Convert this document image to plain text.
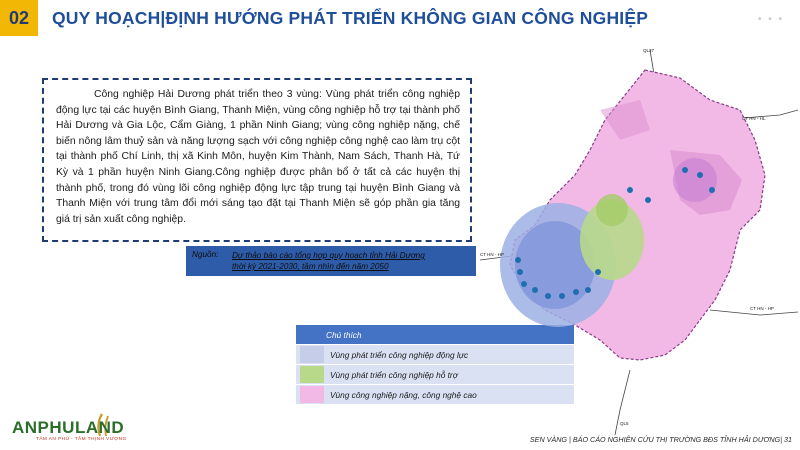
02	QUY HOẠCH|ĐỊNH HƯỚNG PHÁT TRIỂN KHÔNG GIAN CÔNG NGHIỆP	• • •

Công nghiệp Hải Dương phát triển theo 3 vùng: Vùng phát triển công nghiệp động lực tại các huyện Bình Giang, Thanh Miện, vùng công nghiệp hỗ trợ tại thành phố Hải Dương và Gia Lộc, Cẩm Giàng, 1 phần Ninh Giang; vùng công nghiệp nặng, chế biến nông lâm thuỷ sản và năng lượng sạch với công nghiệp công nghệ cao làm trụ cột tại thành phố Chí Linh, thị xã Kinh Môn, huyện Kim Thành, Nam Sách, Thanh Hà, Tứ Kỳ và 1 phần huyện Ninh Giang.Công nghiệp được phân bổ ở tất cả các huyện thị thành phố, trong đó vùng lõi công nghiệp động lực tập trung tại huyện Bình Giang và Thanh Miện với trung tâm đổi mới sáng tạo đặt tại Thanh Miện sẽ góp phần gia tăng giá trị sản xuất công nghiệp.

Nguồn:	Dự thảo báo cáo tổng hợp quy hoạch tỉnh Hải Dương
thời kỳ 2021-2030, tầm nhìn đến năm 2050
Chú thích
Vùng phát triển công nghiệp động lực
Vùng phát triển công nghiệp hỗ trợ
Vùng công nghiệp nặng, công nghệ cao
QL37
CT HN - HL
CT HN - HP
CT HN - HP
QL5
ANPHULAND
TÂM AN PHÚ - TẦM THỊNH VƯỢNG	SEN VÀNG | BÁO CÁO NGHIÊN CỨU THỊ TRƯỜNG BĐS TỈNH HẢI DƯƠNG| 31
